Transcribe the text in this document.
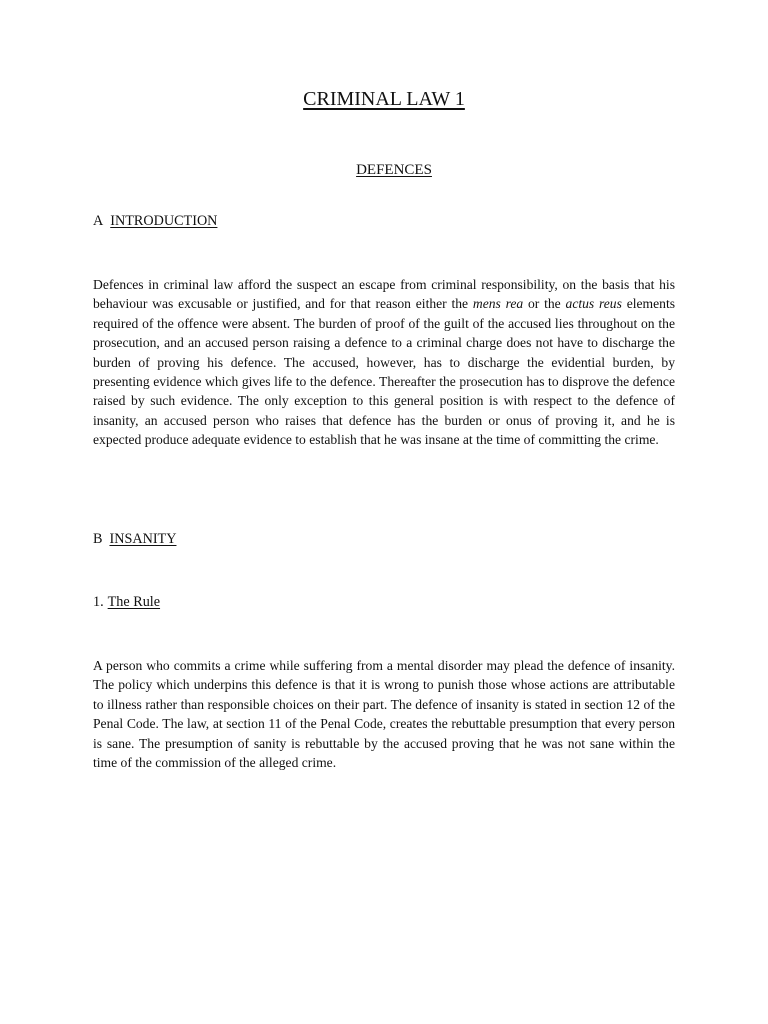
CRIMINAL LAW 1
DEFENCES
A INTRODUCTION

Defences in criminal law afford the suspect an escape from criminal responsibility, on the basis that his behaviour was excusable or justified, and for that reason either the mens rea or the actus reus elements required of the offence were absent. The burden of proof of the guilt of the accused lies throughout on the prosecution, and an accused person raising a defence to a criminal charge does not have to discharge the burden of proving his defence. The accused, however, has to discharge the evidential burden, by presenting evidence which gives life to the defence. Thereafter the prosecution has to disprove the defence raised by such evidence. The only exception to this general position is with respect to the defence of insanity, an accused person who raises that defence has the burden or onus of proving it, and he is expected produce adequate evidence to establish that he was insane at the time of committing the crime.

B INSANITY
1. The Rule

A person who commits a crime while suffering from a mental disorder may plead the defence of insanity. The policy which underpins this defence is that it is wrong to punish those whose actions are attributable to illness rather than responsible choices on their part. The defence of insanity is stated in section 12 of the Penal Code. The law, at section 11 of the Penal Code, creates the rebuttable presumption that every person is sane. The presumption of sanity is rebuttable by the accused proving that he was not sane within the time of the commission of the alleged crime.
